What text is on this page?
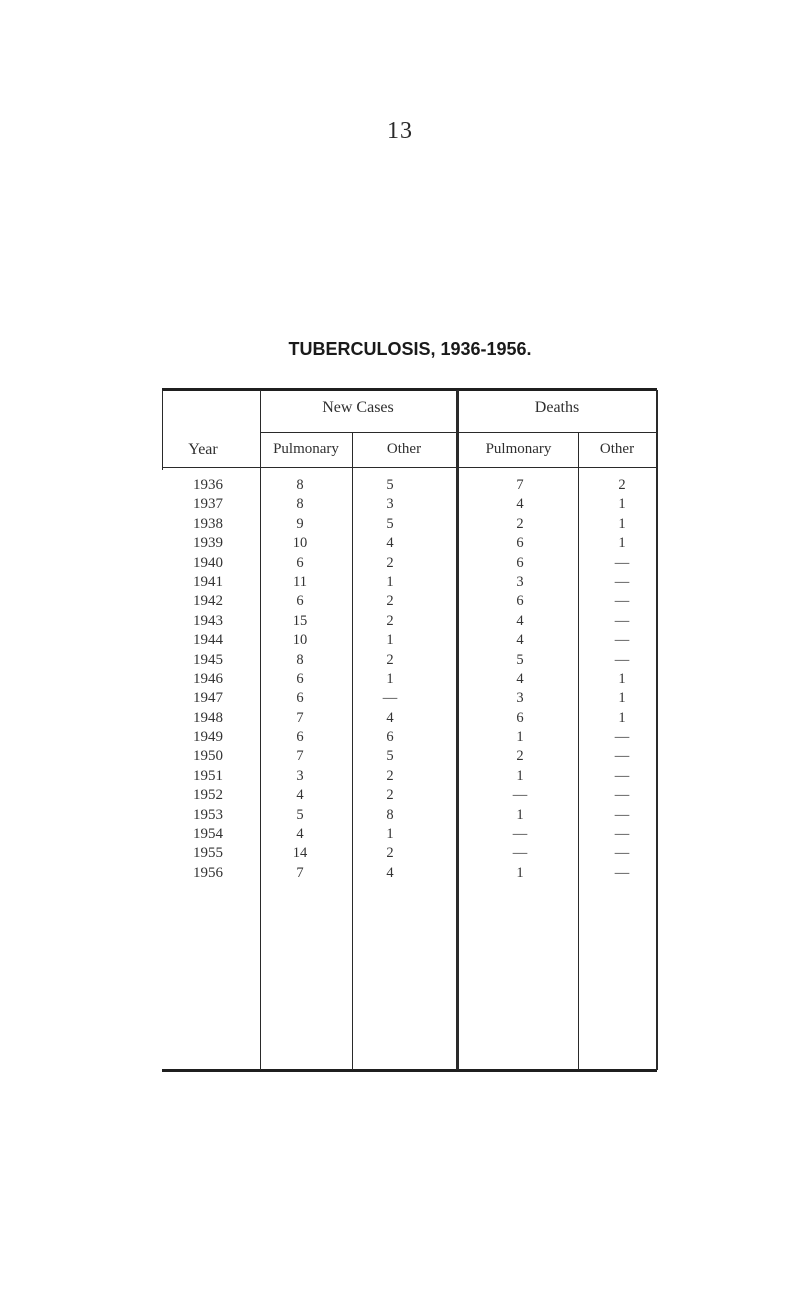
13
TUBERCULOSIS, 1936-1956.
Year
New Cases	Deaths
Pulmonary	Other	Pulmonary	Other
1936	8	5	7	2
1937	8	3	4	1
1938	9	5	2	1
1939	10	4	6	1
1940	6	2	6	—
1941	11	1	3	—
1942	6	2	6	—
1943	15	2	4	—
1944	10	1	4	—
1945	8	2	5	—
1946	6	1	4	1
1947	6	—	3	1
1948	7	4	6	1
1949	6	6	1	—
1950	7	5	2	—
1951	3	2	1	—
1952	4	2	—	—
1953	5	8	1	—
1954	4	1	—	—
1955	14	2	—	—
1956	7	4	1	—
